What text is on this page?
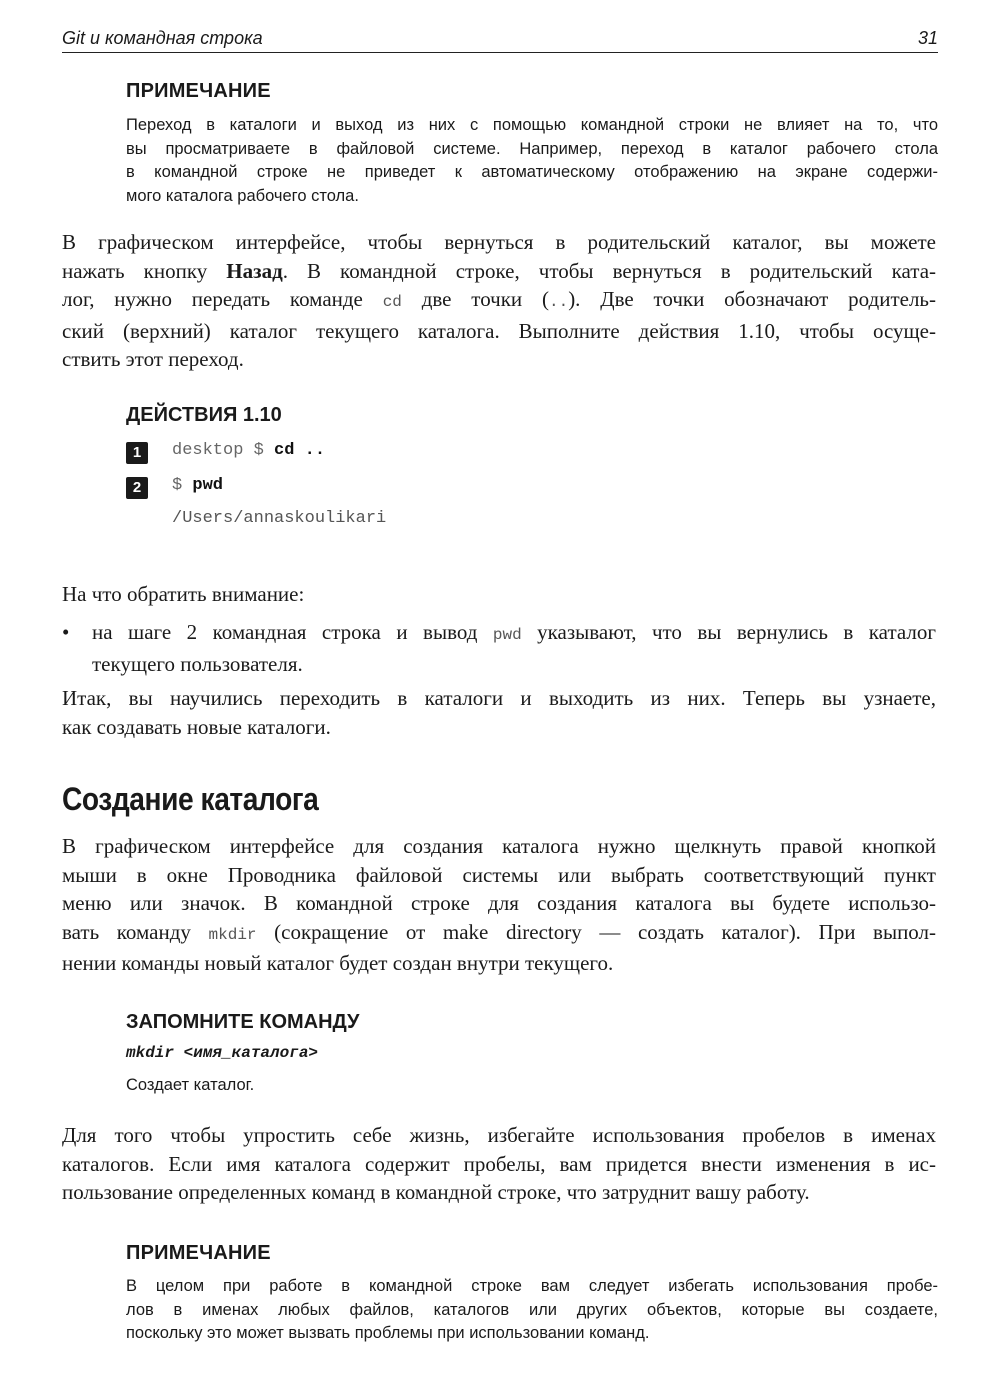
Git и командная строка	31
ПРИМЕЧАНИЕ
Переход в каталоги и выход из них с помощью командной строки не влияет на то, что
вы просматриваете в файловой системе. Например, переход в каталог рабочего стола
в командной строке не приведет к автоматическому отображению на экране содержи-
мого каталога рабочего стола.
В графическом интерфейсе, чтобы вернуться в родительский каталог, вы можете
нажать кнопку Назад. В командной строке, чтобы вернуться в родительский ката-
лог, нужно передать команде cd две точки (..). Две точки обозначают родитель-
ский (верхний) каталог текущего каталога. Выполните действия 1.10, чтобы осуще-
ствить этот переход.
ДЕЙСТВИЯ 1.10
1	desktop $ cd ..
2	$ pwd
/Users/annaskoulikari
На что обратить внимание:
• на шаге 2 командная строка и вывод pwd указывают, что вы вернулись в каталог
текущего пользователя.
Итак, вы научились переходить в каталоги и выходить из них. Теперь вы узнаете,
как создавать новые каталоги.
Создание каталога
В графическом интерфейсе для создания каталога нужно щелкнуть правой кнопкой
мыши в окне Проводника файловой системы или выбрать соответствующий пункт
меню или значок. В командной строке для создания каталога вы будете использо-
вать команду mkdir (сокращение от make directory — создать каталог). При выпол-
нении команды новый каталог будет создан внутри текущего.
ЗАПОМНИТЕ КОМАНДУ
mkdir <имя_каталога>
Создает каталог.
Для того чтобы упростить себе жизнь, избегайте использования пробелов в именах
каталогов. Если имя каталога содержит пробелы, вам придется внести изменения в ис-
пользование определенных команд в командной строке, что затруднит вашу работу.
ПРИМЕЧАНИЕ
В целом при работе в командной строке вам следует избегать использования пробе-
лов в именах любых файлов, каталогов или других объектов, которые вы создаете,
поскольку это может вызвать проблемы при использовании команд.
